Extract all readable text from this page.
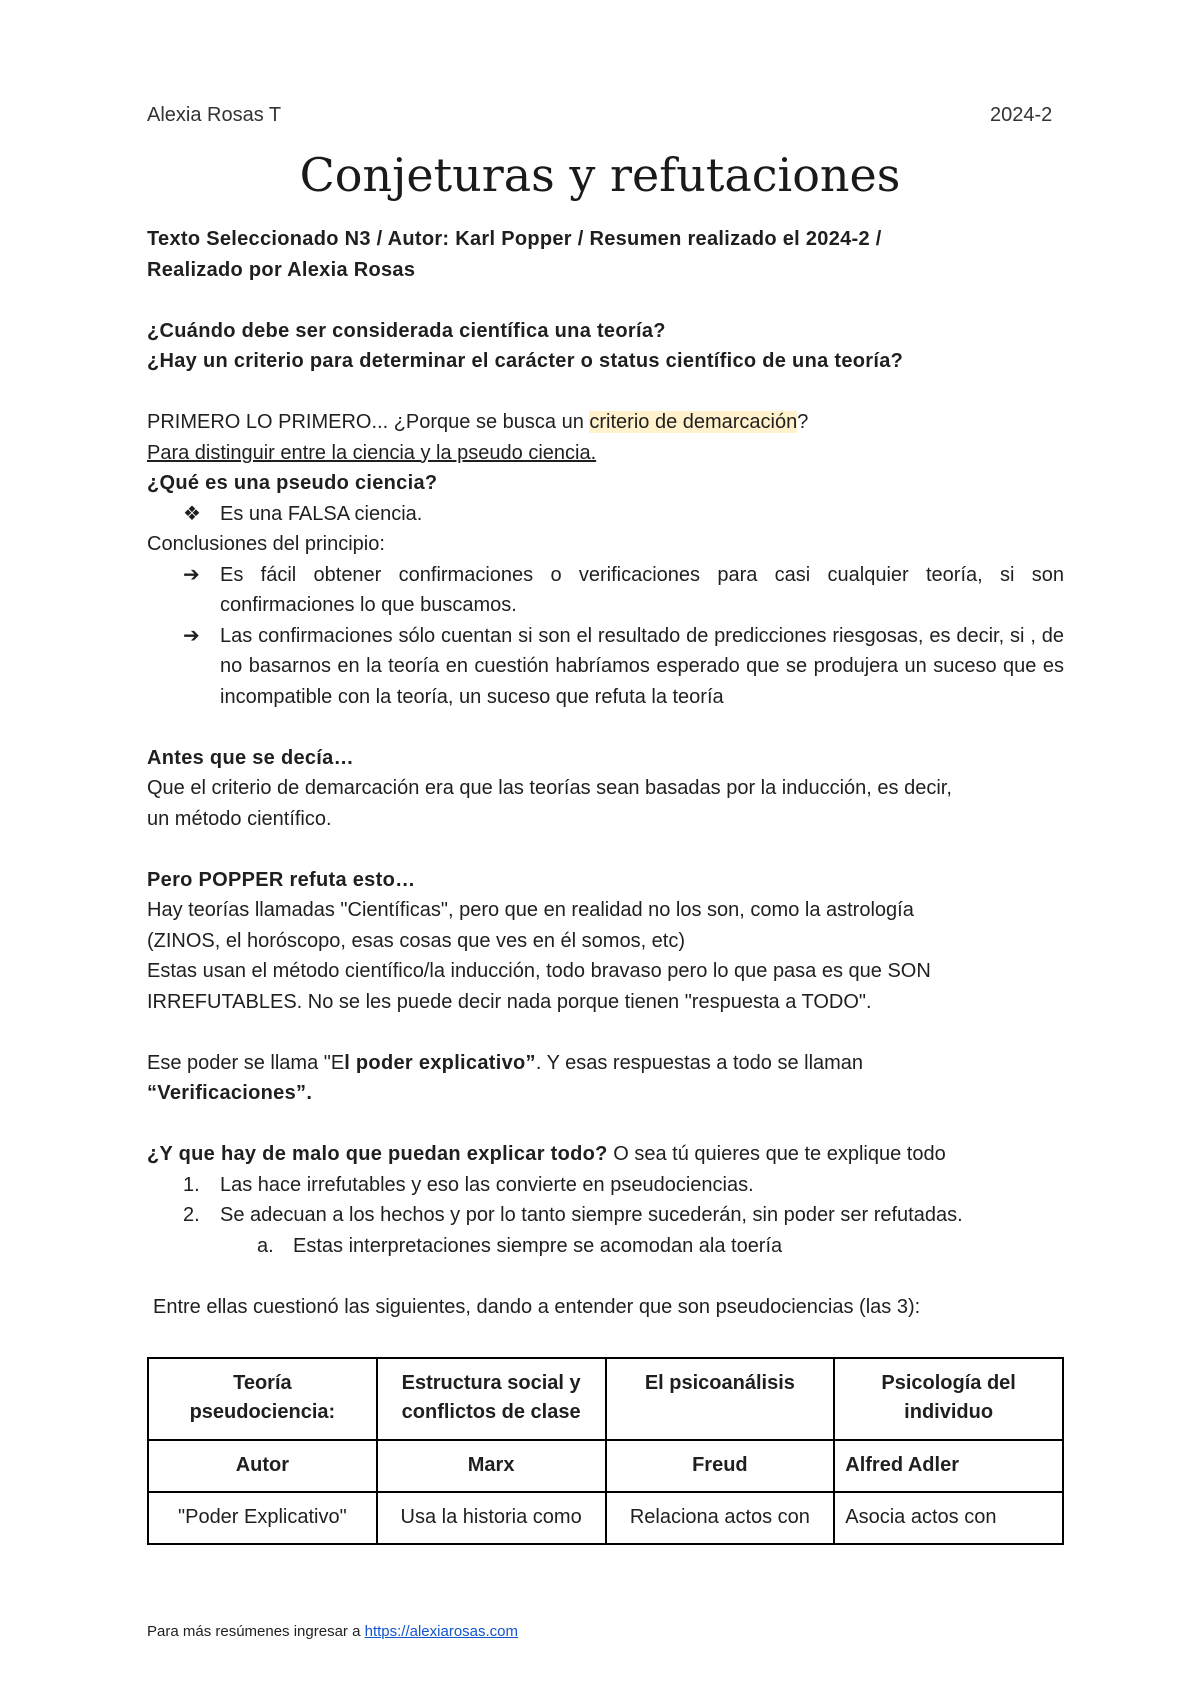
Alexia Rosas T	2024-2
Conjeturas y refutaciones

Texto Seleccionado N3 / Autor: Karl Popper / Resumen realizado el 2024-2 /

Realizado por Alexia Rosas

¿Cuándo debe ser considerada científica una teoría?

¿Hay un criterio para determinar el carácter o status científico de una teoría?

PRIMERO LO PRIMERO... ¿Porque se busca un criterio de demarcación?

Para distinguir entre la ciencia y la pseudo ciencia.

¿Qué es una pseudo ciencia?

❖ Es una FALSA ciencia.

Conclusiones del principio:

➔ Es fácil obtener confirmaciones o verificaciones para casi cualquier teoría, si son confirmaciones lo que buscamos.
➔ Las confirmaciones sólo cuentan si son el resultado de predicciones riesgosas, es decir, si , de no basarnos en la teoría en cuestión habríamos esperado que se produjera un suceso que es incompatible con la teoría, un suceso que refuta la teoría

Antes que se decía…

Que el criterio de demarcación era que las teorías sean basadas por la inducción, es decir,

un método científico.

Pero POPPER refuta esto…

Hay teorías llamadas "Científicas", pero que en realidad no los son, como la astrología

(ZINOS, el horóscopo, esas cosas que ves en él somos, etc)

Estas usan el método científico/la inducción, todo bravaso pero lo que pasa es que SON

IRREFUTABLES. No se les puede decir nada porque tienen "respuesta a TODO".

Ese poder se llama "El poder explicativo”. Y esas respuestas a todo se llaman

“Verificaciones”.

¿Y que hay de malo que puedan explicar todo? O sea tú quieres que te explique todo

1. Las hace irrefutables y eso las convierte en pseudociencias.
2. Se adecuan a los hechos y por lo tanto siempre sucederán, sin poder ser refutadas.
a. Estas interpretaciones siempre se acomodan ala toería

Entre ellas cuestionó las siguientes, dando a entender que son pseudociencias (las 3):

Teoría pseudociencia:	Estructura social y conflictos de clase	El psicoanálisis	Psicología del individuo
Autor	Marx	Freud	Alfred Adler
"Poder Explicativo"	Usa la historia como	Relaciona actos con	Asocia actos con
Para más resúmenes ingresar a https://alexiarosas.com
